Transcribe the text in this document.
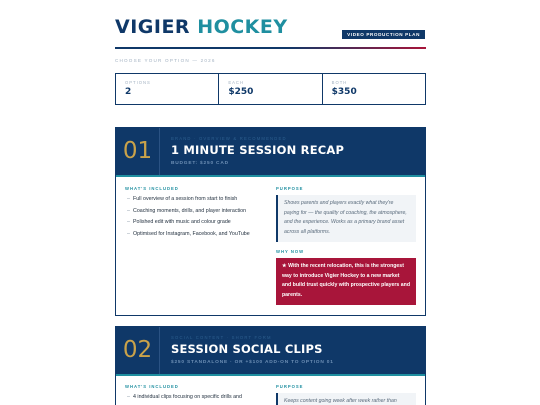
VIGIER HOCKEY	VIDEO PRODUCTION PLAN
CHOOSE YOUR OPTION — 2026
OPTIONS
2
EACH
$250
BOTH
$350
01	BRAND · OVERVIEW & RECOMMENDED
1 MINUTE SESSION RECAP
BUDGET: $250 CAD
WHAT'S INCLUDED
– Full overview of a session from start to finish
– Coaching moments, drills, and player interaction
– Polished edit with music and colour grade
– Optimised for Instagram, Facebook, and YouTube
PURPOSE
Shows parents and players exactly what they're paying for — the quality of coaching, the atmosphere, and the experience. Works as a primary brand asset across all platforms.
WHY NOW
★ With the recent relocation, this is the strongest way to introduce Vigier Hockey to a new market and build trust quickly with prospective players and parents.
02	SOCIAL CONTENT · SHORT FORM
SESSION SOCIAL CLIPS
$250 STANDALONE · OR +$100 ADD-ON TO OPTION 01
WHAT'S INCLUDED
– 4 individual clips focusing on specific drills and
PURPOSE
Keeps content going week after week rather than
